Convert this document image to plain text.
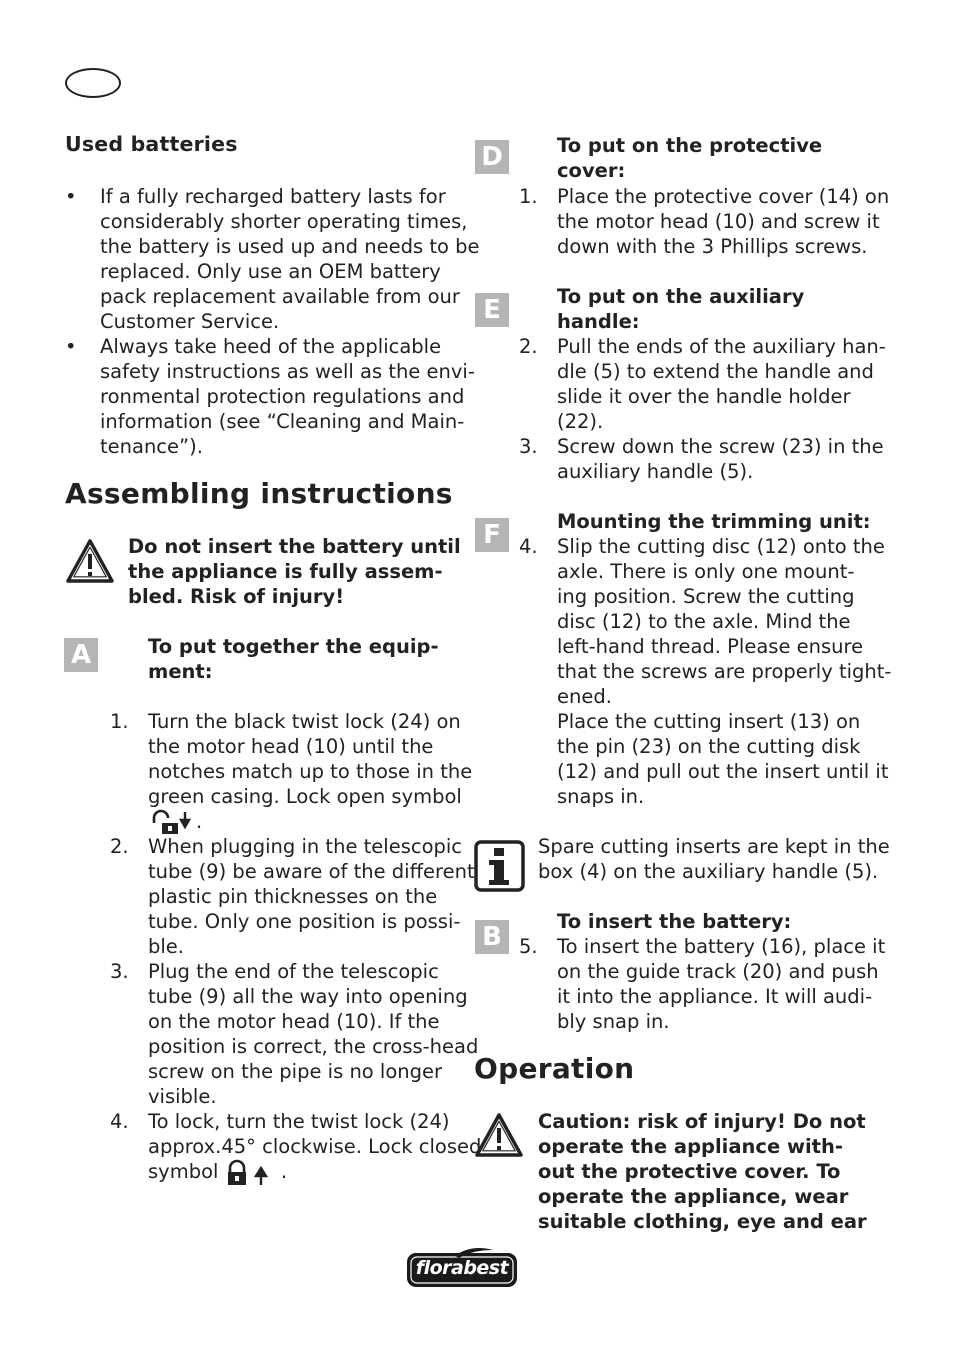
Used batteries
• If a fully recharged battery lasts for
considerably shorter operating times,
the battery is used up and needs to be
replaced. Only use an OEM battery
pack replacement available from our
Customer Service.
• Always take heed of the applicable
safety instructions as well as the envi-
ronmental protection regulations and
information (see “Cleaning and Main-
tenance”).
Assembling instructions
Do not insert the battery until
the appliance is fully assem-
bled. Risk of injury!
A	To put together the equip-
ment:
1. Turn the black twist lock (24) on
the motor head (10) until the
notches match up to those in the
green casing. Lock open symbol
.
2. When plugging in the telescopic
tube (9) be aware of the different
plastic pin thicknesses on the
tube. Only one position is possi-
ble.
3. Plug the end of the telescopic
tube (9) all the way into opening
on the motor head (10). If the
position is correct, the cross-head
screw on the pipe is no longer
visible.
4. To lock, turn the twist lock (24)
approx.45° clockwise. Lock closed
symbol	.
D	To put on the protective
cover:
1. Place the protective cover (14) on
the motor head (10) and screw it
down with the 3 Phillips screws.
E	To put on the auxiliary
handle:
2. Pull the ends of the auxiliary han-
dle (5) to extend the handle and
slide it over the handle holder
(22).
3. Screw down the screw (23) in the
auxiliary handle (5).
F	Mounting the trimming unit:
4. Slip the cutting disc (12) onto the
axle. There is only one mount-
ing position. Screw the cutting
disc (12) to the axle. Mind the
left-hand thread. Please ensure
that the screws are properly tight-
ened.
Place the cutting insert (13) on
the pin (23) on the cutting disk
(12) and pull out the insert until it
snaps in.
Spare cutting inserts are kept in the
box (4) on the auxiliary handle (5).
B
To insert the battery:
5. To insert the battery (16), place it
on the guide track (20) and push
it into the appliance. It will audi-
bly snap in.
Operation
Caution: risk of injury! Do not
operate the appliance with-
out the protective cover. To
operate the appliance, wear
suitable clothing, eye and ear
florabest
